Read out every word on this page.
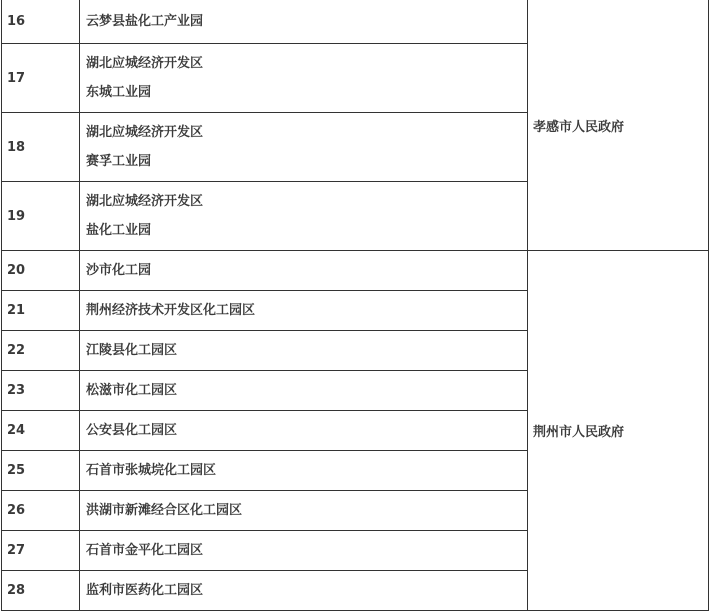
16	云梦县盐化工产业园	孝感市人民政府
17	湖北应城经济开发区
东城工业园	

18	湖北应城经济开发区
赛孚工业园	

19	湖北应城经济开发区
盐化工业园	

20	沙市化工园	荆州市人民政府
21	荆州经济技术开发区化工园区	

22	江陵县化工园区	

23	松滋市化工园区	

24	公安县化工园区	

25	石首市张城垸化工园区	

26	洪湖市新滩经合区化工园区	

27	石首市金平化工园区	

28	监利市医药化工园区	
